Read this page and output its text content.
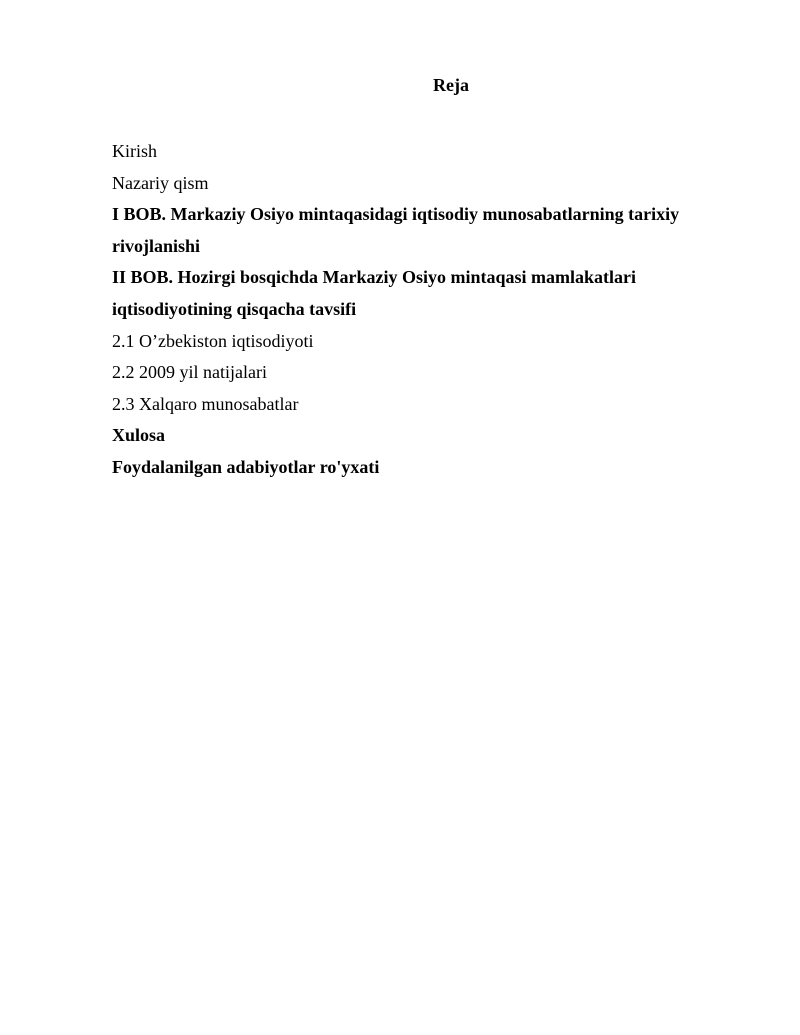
Reja
Kirish
Nazariy qism
I BOB. Markaziy Osiyo mintaqasidagi iqtisodiy munosabatlarning tarixiy
rivojlanishi
II BOB. Hozirgi bosqichda Markaziy Osiyo mintaqasi mamlakatlari
iqtisodiyotining qisqacha tavsifi
2.1 O’zbekiston iqtisodiyoti
2.2 2009 yil natijalari
2.3 Xalqaro munosabatlar
Xulosa
Foydalanilgan adabiyotlar ro'yxati
